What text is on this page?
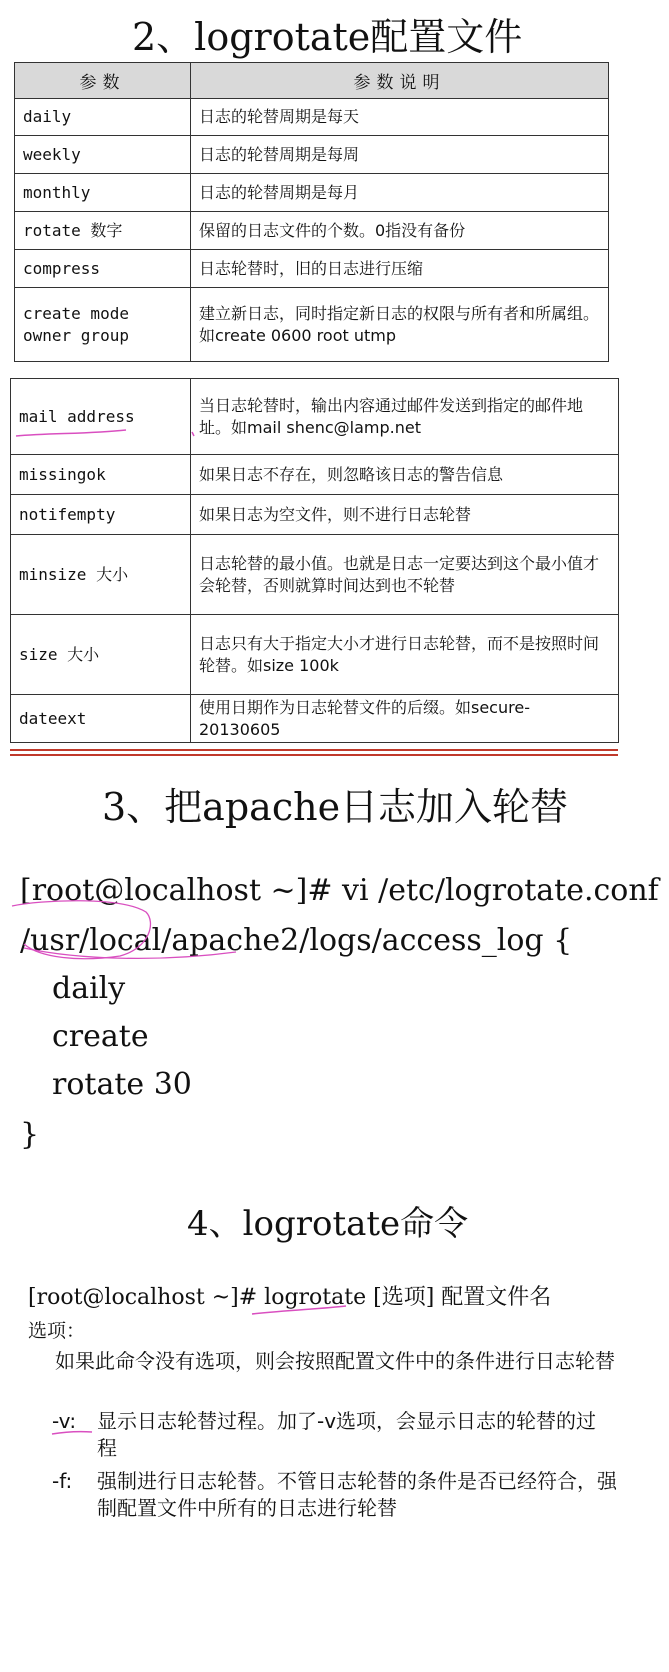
2、logrotate配置文件
参数	参数说明
daily	日志的轮替周期是每天
weekly	日志的轮替周期是每周
monthly	日志的轮替周期是每月
rotate 数字	保留的日志文件的个数。0指没有备份
compress	日志轮替时，旧的日志进行压缩
create mode owner group	建立新日志，同时指定新日志的权限与所有者和所属组。如create 0600 root utmp
mail address	当日志轮替时，输出内容通过邮件发送到指定的邮件地址。如mail shenc@lamp.net
missingok	如果日志不存在，则忽略该日志的警告信息
notifempty	如果日志为空文件，则不进行日志轮替
minsize 大小	日志轮替的最小值。也就是日志一定要达到这个最小值才会轮替，否则就算时间达到也不轮替
size 大小	日志只有大于指定大小才进行日志轮替，而不是按照时间轮替。如size 100k
dateext	使用日期作为日志轮替文件的后缀。如secure-20130605
3、把apache日志加入轮替
[root@localhost ~]# vi /etc/logrotate.conf
/usr/local/apache2/logs/access_log {
daily
create
rotate 30
}
4、logrotate命令
[root@localhost ~]# logrotate [选项] 配置文件名
选项：
如果此命令没有选项，则会按照配置文件中的条件进行日志轮替
-v:	显示日志轮替过程。加了-v选项，会显示日志的轮替的过程
-f:	强制进行日志轮替。不管日志轮替的条件是否已经符合，强制配置文件中所有的日志进行轮替
